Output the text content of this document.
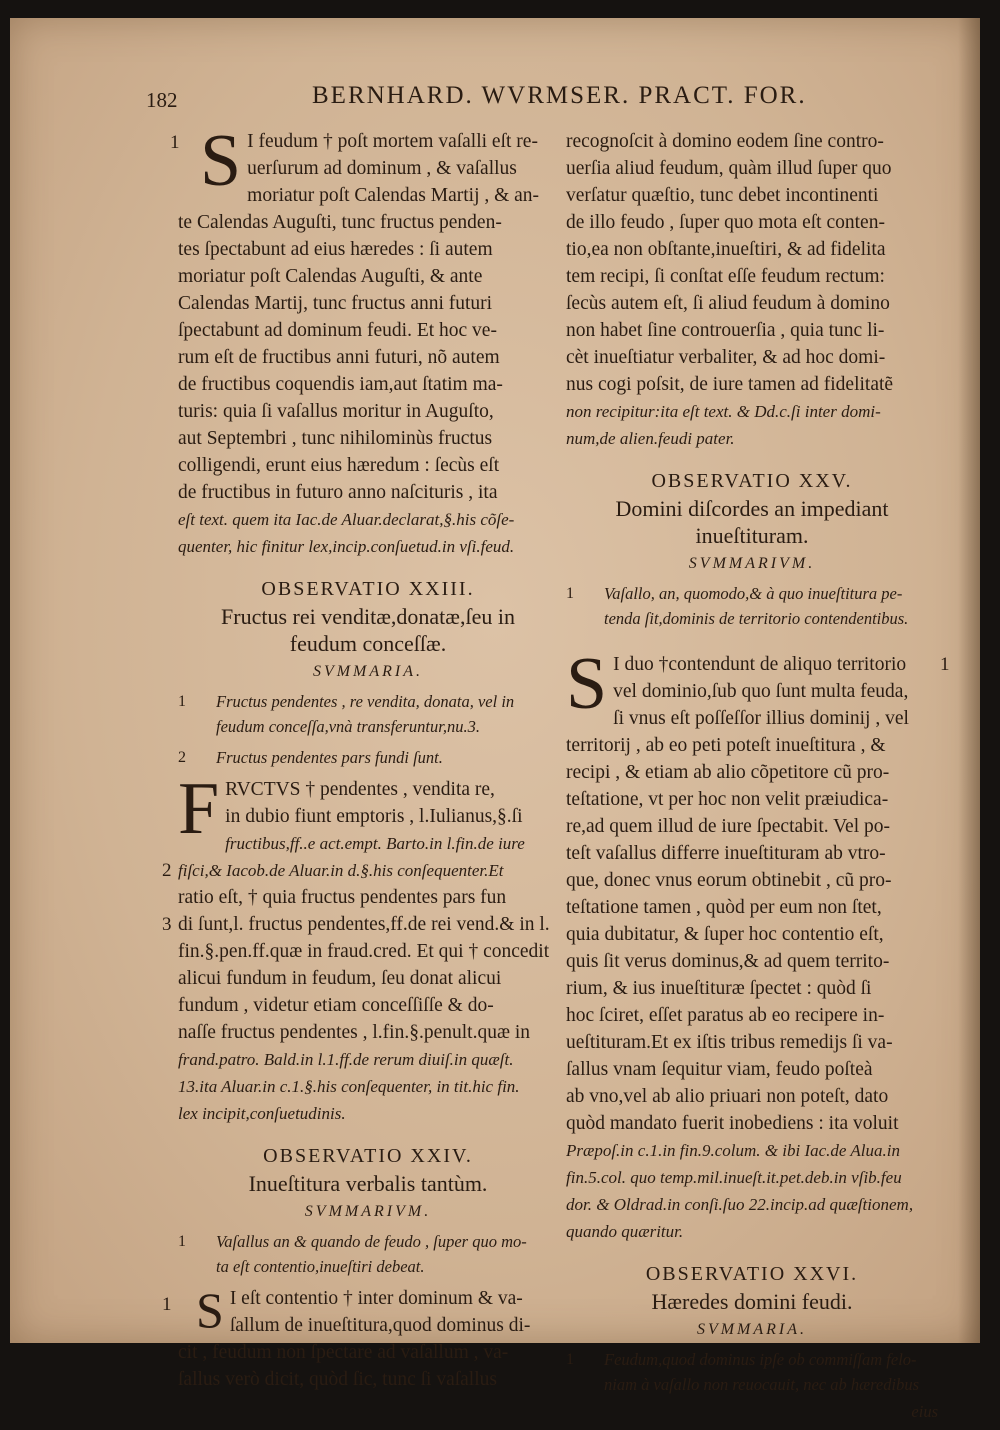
182	BERNHARD. WVRMSER. PRACT. FOR.
1 S I feudum † poſt mortem vaſalli eſt re-
uerſurum ad dominum , & vaſallus
moriatur poſt Calendas Martij , & an-
te Calendas Auguſti, tunc fructus penden-
tes ſpectabunt ad eius hæredes : ſi autem
moriatur poſt Calendas Auguſti, & ante
Calendas Martij, tunc fructus anni futuri
ſpectabunt ad dominum feudi. Et hoc ve-
rum eſt de fructibus anni futuri, nõ autem
de fructibus coquendis iam,aut ſtatim ma-
turis: quia ſi vaſallus moritur in Auguſto,
aut Septembri , tunc nihilominùs fructus
colligendi, erunt eius hæredum : ſecùs eſt
de fructibus in futuro anno naſcituris , ita
eſt text. quem ita Iac.de Aluar.declarat,§.his cõſe-
quenter, hic finitur lex,incip.conſuetud.in vſi.feud.
OBSERVATIO XXIII.
Fructus rei venditæ,donatæ,ſeu in
feudum conceſſæ.
SVMMARIA.
1 Fructus pendentes , re vendita, donata, vel in
feudum conceſſa,vnà transferuntur,nu.3.
2 Fructus pendentes pars fundi ſunt.
2
3
F RVCTVS † pendentes , vendita re,
in dubio fiunt emptoris , l.Iulianus,§.ſi
fructibus,ff..e act.empt. Barto.in l.fin.de iure
fiſci,& Iacob.de Aluar.in d.§.his conſequenter.Et
ratio eſt, † quia fructus pendentes pars fun
di ſunt,l. fructus pendentes,ff.de rei vend.& in l.
fin.§.pen.ff.quæ in fraud.cred. Et qui † concedit
alicui fundum in feudum, ſeu donat alicui
fundum , videtur etiam conceſſiſſe & do-
naſſe fructus pendentes , l.fin.§.penult.quæ in
frand.patro. Bald.in l.1.ff.de rerum diuiſ.in quæſt.
13.ita Aluar.in c.1.§.his conſequenter, in tit.hic fin.
lex incipit,conſuetudinis.
OBSERVATIO XXIV.
Inueſtitura verbalis tantùm.
SVMMARIVM.
1 Vaſallus an & quando de feudo , ſuper quo mo-
ta eſt contentio,inueſtiri debeat.
1 S I eſt contentio † inter dominum & va-
ſallum de inueſtitura,quod dominus di-
cit , feudum non ſpectare ad vaſallum , va-
ſallus verò dicit, quòd ſic, tunc ſi vaſallus
recognoſcit à domino eodem ſine contro-
uerſia aliud feudum, quàm illud ſuper quo
verſatur quæſtio, tunc debet incontinenti
de illo feudo , ſuper quo mota eſt conten-
tio,ea non obſtante,inueſtiri, & ad fidelita
tem recipi, ſi conſtat eſſe feudum rectum:
ſecùs autem eſt, ſi aliud feudum à domino
non habet ſine controuerſia , quia tunc li-
cèt inueſtiatur verbaliter, & ad hoc domi-
nus cogi poſsit, de iure tamen ad fidelitatẽ
non recipitur:ita eſt text. & Dd.c.ſi inter domi-
num,de alien.feudi pater.
OBSERVATIO XXV.
Domini diſcordes an impediant
inueſtituram.
SVMMARIVM.
1 Vaſallo, an, quomodo,& à quo inueſtitura pe-
tenda ſit,dominis de territorio contendentibus.
1
S I duo †contendunt de aliquo territorio
vel dominio,ſub quo ſunt multa feuda,
ſi vnus eſt poſſeſſor illius dominij , vel
territorij , ab eo peti poteſt inueſtitura , &
recipi , & etiam ab alio cõpetitore cũ pro-
teſtatione, vt per hoc non velit præiudica-
re,ad quem illud de iure ſpectabit. Vel po-
teſt vaſallus differre inueſtituram ab vtro-
que, donec vnus eorum obtinebit , cũ pro-
teſtatione tamen , quòd per eum non ſtet,
quia dubitatur, & ſuper hoc contentio eſt,
quis ſit verus dominus,& ad quem territo-
rium, & ius inueſtituræ ſpectet : quòd ſi
hoc ſciret, eſſet paratus ab eo recipere in-
ueſtituram.Et ex iſtis tribus remedijs ſi va-
ſallus vnam ſequitur viam, feudo poſteà
ab vno,vel ab alio priuari non poteſt, dato
quòd mandato fuerit inobediens : ita voluit
Præpoſ.in c.1.in fin.9.colum. & ibi Iac.de Alua.in
fin.5.col. quo temp.mil.inueſt.it.pet.deb.in vſib.feu
dor. & Oldrad.in conſi.ſuo 22.incip.ad quæſtionem,
quando quæritur.
OBSERVATIO XXVI.
Hæredes domini feudi.
SVMMARIA.
1 Feudum,quod dominus ipſe ob commiſſam felo-
niam à vaſallo non reuocauit, nec ab hæredibus
eius
